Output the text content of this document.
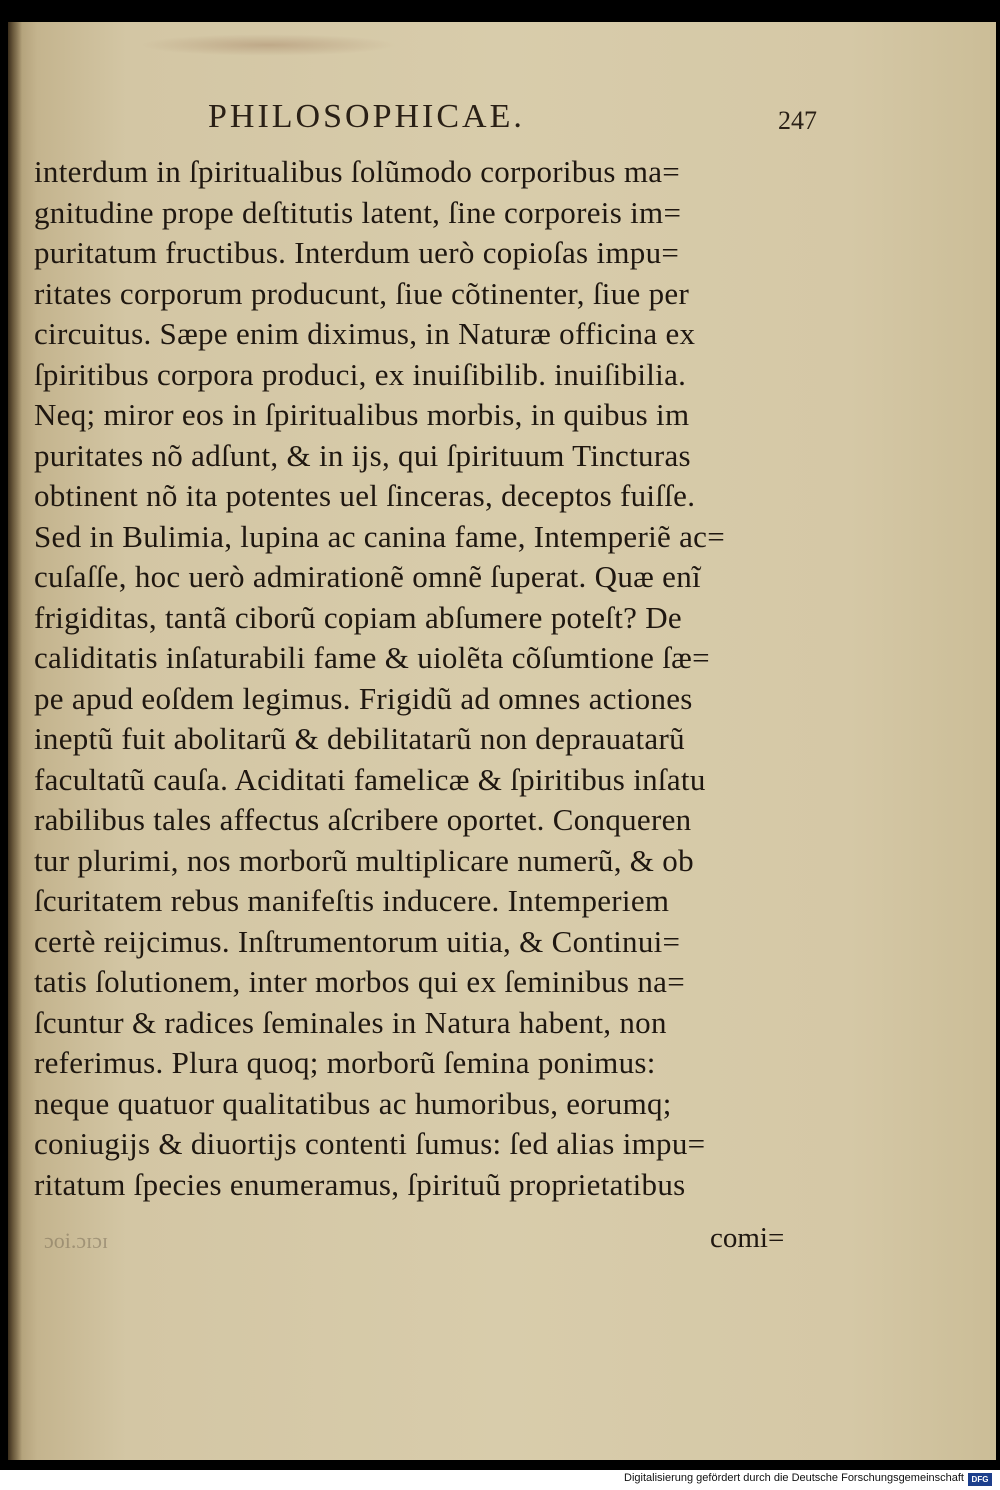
PHILOSOPHICAE.	247
interdum in ſpiritualibus ſolũmodo corporibus ma=
gnitudine prope deſtitutis latent, ſine corporeis im=
puritatum fructibus. Interdum uerò copioſas impu=
ritates corporum producunt, ſiue cõtinenter, ſiue per
circuitus. Sæpe enim diximus, in Naturæ officina ex
ſpiritibus corpora produci, ex inuiſibilib. inuiſibilia.
Neq; miror eos in ſpiritualibus morbis, in quibus im
puritates nõ adſunt, & in ijs, qui ſpirituum Tincturas
obtinent nõ ita potentes uel ſinceras, deceptos fuiſſe.
Sed in Bulimia, lupina ac canina fame, Intemperiẽ ac=
cuſaſſe, hoc uerò admirationẽ omnẽ ſuperat. Quæ enĩ
frigiditas, tantã ciborũ copiam abſumere poteſt? De
caliditatis inſaturabili fame & uiolẽta cõſumtione ſæ=
pe apud eoſdem legimus. Frigidũ ad omnes actiones
ineptũ fuit abolitarũ & debilitatarũ non deprauatarũ
facultatũ cauſa. Aciditati famelicæ & ſpiritibus inſatu
rabilibus tales affectus aſcribere oportet. Conqueren
tur plurimi, nos morborũ multiplicare numerũ, & ob
ſcuritatem rebus manifeſtis inducere. Intemperiem
certè reijcimus. Inſtrumentorum uitia, & Continui=
tatis ſolutionem, inter morbos qui ex ſeminibus na=
ſcuntur & radices ſeminales in Natura habent, non
referimus. Plura quoq; morborũ ſemina ponimus:
neque quatuor qualitatibus ac humoribus, eorumq;
coniugijs & diuortijs contenti ſumus: ſed alias impu=
ritatum ſpecies enumeramus, ſpirituũ proprietatibus
ɔoi.ɔɪɔɪ	comi=
Digitalisierung gefördert durch die Deutsche Forschungsgemeinschaft DFG
